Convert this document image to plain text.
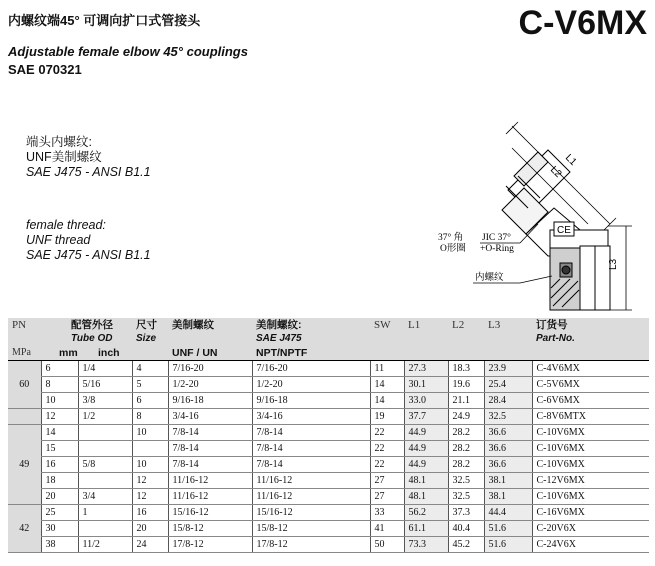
内螺纹端45° 可调向扩口式管接头	C-V6MX
Adjustable female elbow 45° couplings
SAE 070321
端头内螺纹:
UNF美制螺纹
SAE J475 - ANSI B1.1
female thread:
UNF thread
SAE J475 - ANSI B1.1
CE
L1
L2
L3
37° 角
O形圈
JIC 37°
+O-Ring
内螺纹
PN	配管外径		尺寸	美制螺纹	美制螺纹:	SW	L1	L2	L3	订货号
	Tube OD		Size		SAE J475					Part-No.
MPa	mm	inch		UNF / UN	NPT/NPTF					
60	6	1/4	4	7/16-20	7/16-20	11	27.3	18.3	23.9	C-4V6MX
	8	5/16	5	1/2-20	1/2-20	14	30.1	19.6	25.4	C-5V6MX
	10	3/8	6	9/16-18	9/16-18	14	33.0	21.1	28.4	C-6V6MX
	12	1/2	8	3/4-16	3/4-16	19	37.7	24.9	32.5	C-8V6MTX
49	14		10	7/8-14	7/8-14	22	44.9	28.2	36.6	C-10V6MX
	15			7/8-14	7/8-14	22	44.9	28.2	36.6	C-10V6MX
	16	5/8	10	7/8-14	7/8-14	22	44.9	28.2	36.6	C-10V6MX
	18		12	11/16-12	11/16-12	27	48.1	32.5	38.1	C-12V6MX
	20	3/4	12	11/16-12	11/16-12	27	48.1	32.5	38.1	C-10V6MX
42	25	1	16	15/16-12	15/16-12	33	56.2	37.3	44.4	C-16V6MX
	30		20	15/8-12	15/8-12	41	61.1	40.4	51.6	C-20V6X
	38	11/2	24	17/8-12	17/8-12	50	73.3	45.2	51.6	C-24V6X
